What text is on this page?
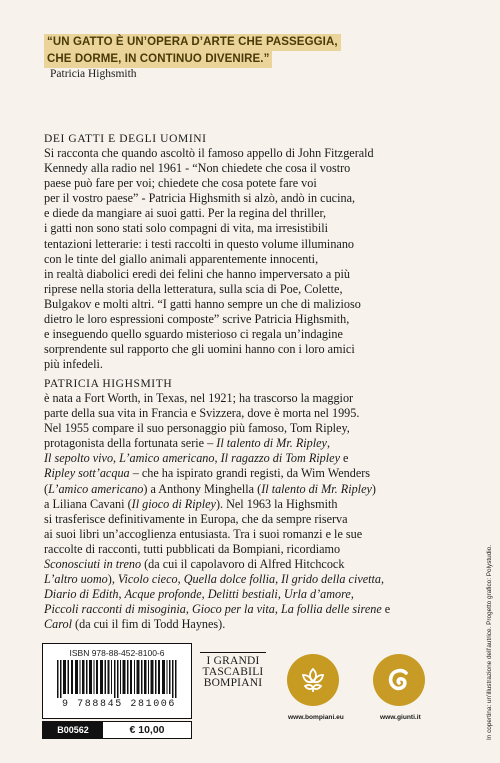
“UN GATTO È UN’OPERA D’ARTE CHE PASSEGGIA,
CHE DORME, IN CONTINUO DIVENIRE.”
Patricia Highsmith
DEI GATTI E DEGLI UOMINI
Si racconta che quando ascoltò il famoso appello di John Fitzgerald
Kennedy alla radio nel 1961 - “Non chiedete che cosa il vostro
paese può fare per voi; chiedete che cosa potete fare voi
per il vostro paese” - Patricia Highsmith si alzò, andò in cucina,
e diede da mangiare ai suoi gatti. Per la regina del thriller,
i gatti non sono stati solo compagni di vita, ma irresistibili
tentazioni letterarie: i testi raccolti in questo volume illuminano
con le tinte del giallo animali apparentemente innocenti,
in realtà diabolici eredi dei felini che hanno imperversato a più
riprese nella storia della letteratura, sulla scia di Poe, Colette,
Bulgakov e molti altri. “I gatti hanno sempre un che di malizioso
dietro le loro espressioni composte” scrive Patricia Highsmith,
e inseguendo quello sguardo misterioso ci regala un’indagine
sorprendente sul rapporto che gli uomini hanno con i loro amici
più infedeli.
PATRICIA HIGHSMITH
è nata a Fort Worth, in Texas, nel 1921; ha trascorso la maggior
parte della sua vita in Francia e Svizzera, dove è morta nel 1995.
Nel 1955 compare il suo personaggio più famoso, Tom Ripley,
protagonista della fortunata serie – Il talento di Mr. Ripley,
Il sepolto vivo, L’amico americano, Il ragazzo di Tom Ripley e
Ripley sott’acqua – che ha ispirato grandi registi, da Wim Wenders
(L’amico americano) a Anthony Minghella (Il talento di Mr. Ripley)
a Liliana Cavani (Il gioco di Ripley). Nel 1963 la Highsmith
si trasferisce definitivamente in Europa, che da sempre riserva
ai suoi libri un’accoglienza entusiasta. Tra i suoi romanzi e le sue
raccolte di racconti, tutti pubblicati da Bompiani, ricordiamo
Sconosciuti in treno (da cui il capolavoro di Alfred Hitchcock
L’altro uomo), Vicolo cieco, Quella dolce follia, Il grido della civetta,
Diario di Edith, Acque profonde, Delitti bestiali, Urla d’amore,
Piccoli racconti di misoginia, Gioco per la vita, La follia delle sirene e
Carol (da cui il fim di Todd Haynes).	In copertina: un’illustrazione dell’autrice. Progetto grafico: Polystudio.
ISBN 978-88-452-8100-6
9 788845 281006
B00562	€ 10,00
I GRANDI
TASCABILI
BOMPIANI
www.bompiani.eu	www.giunti.it
